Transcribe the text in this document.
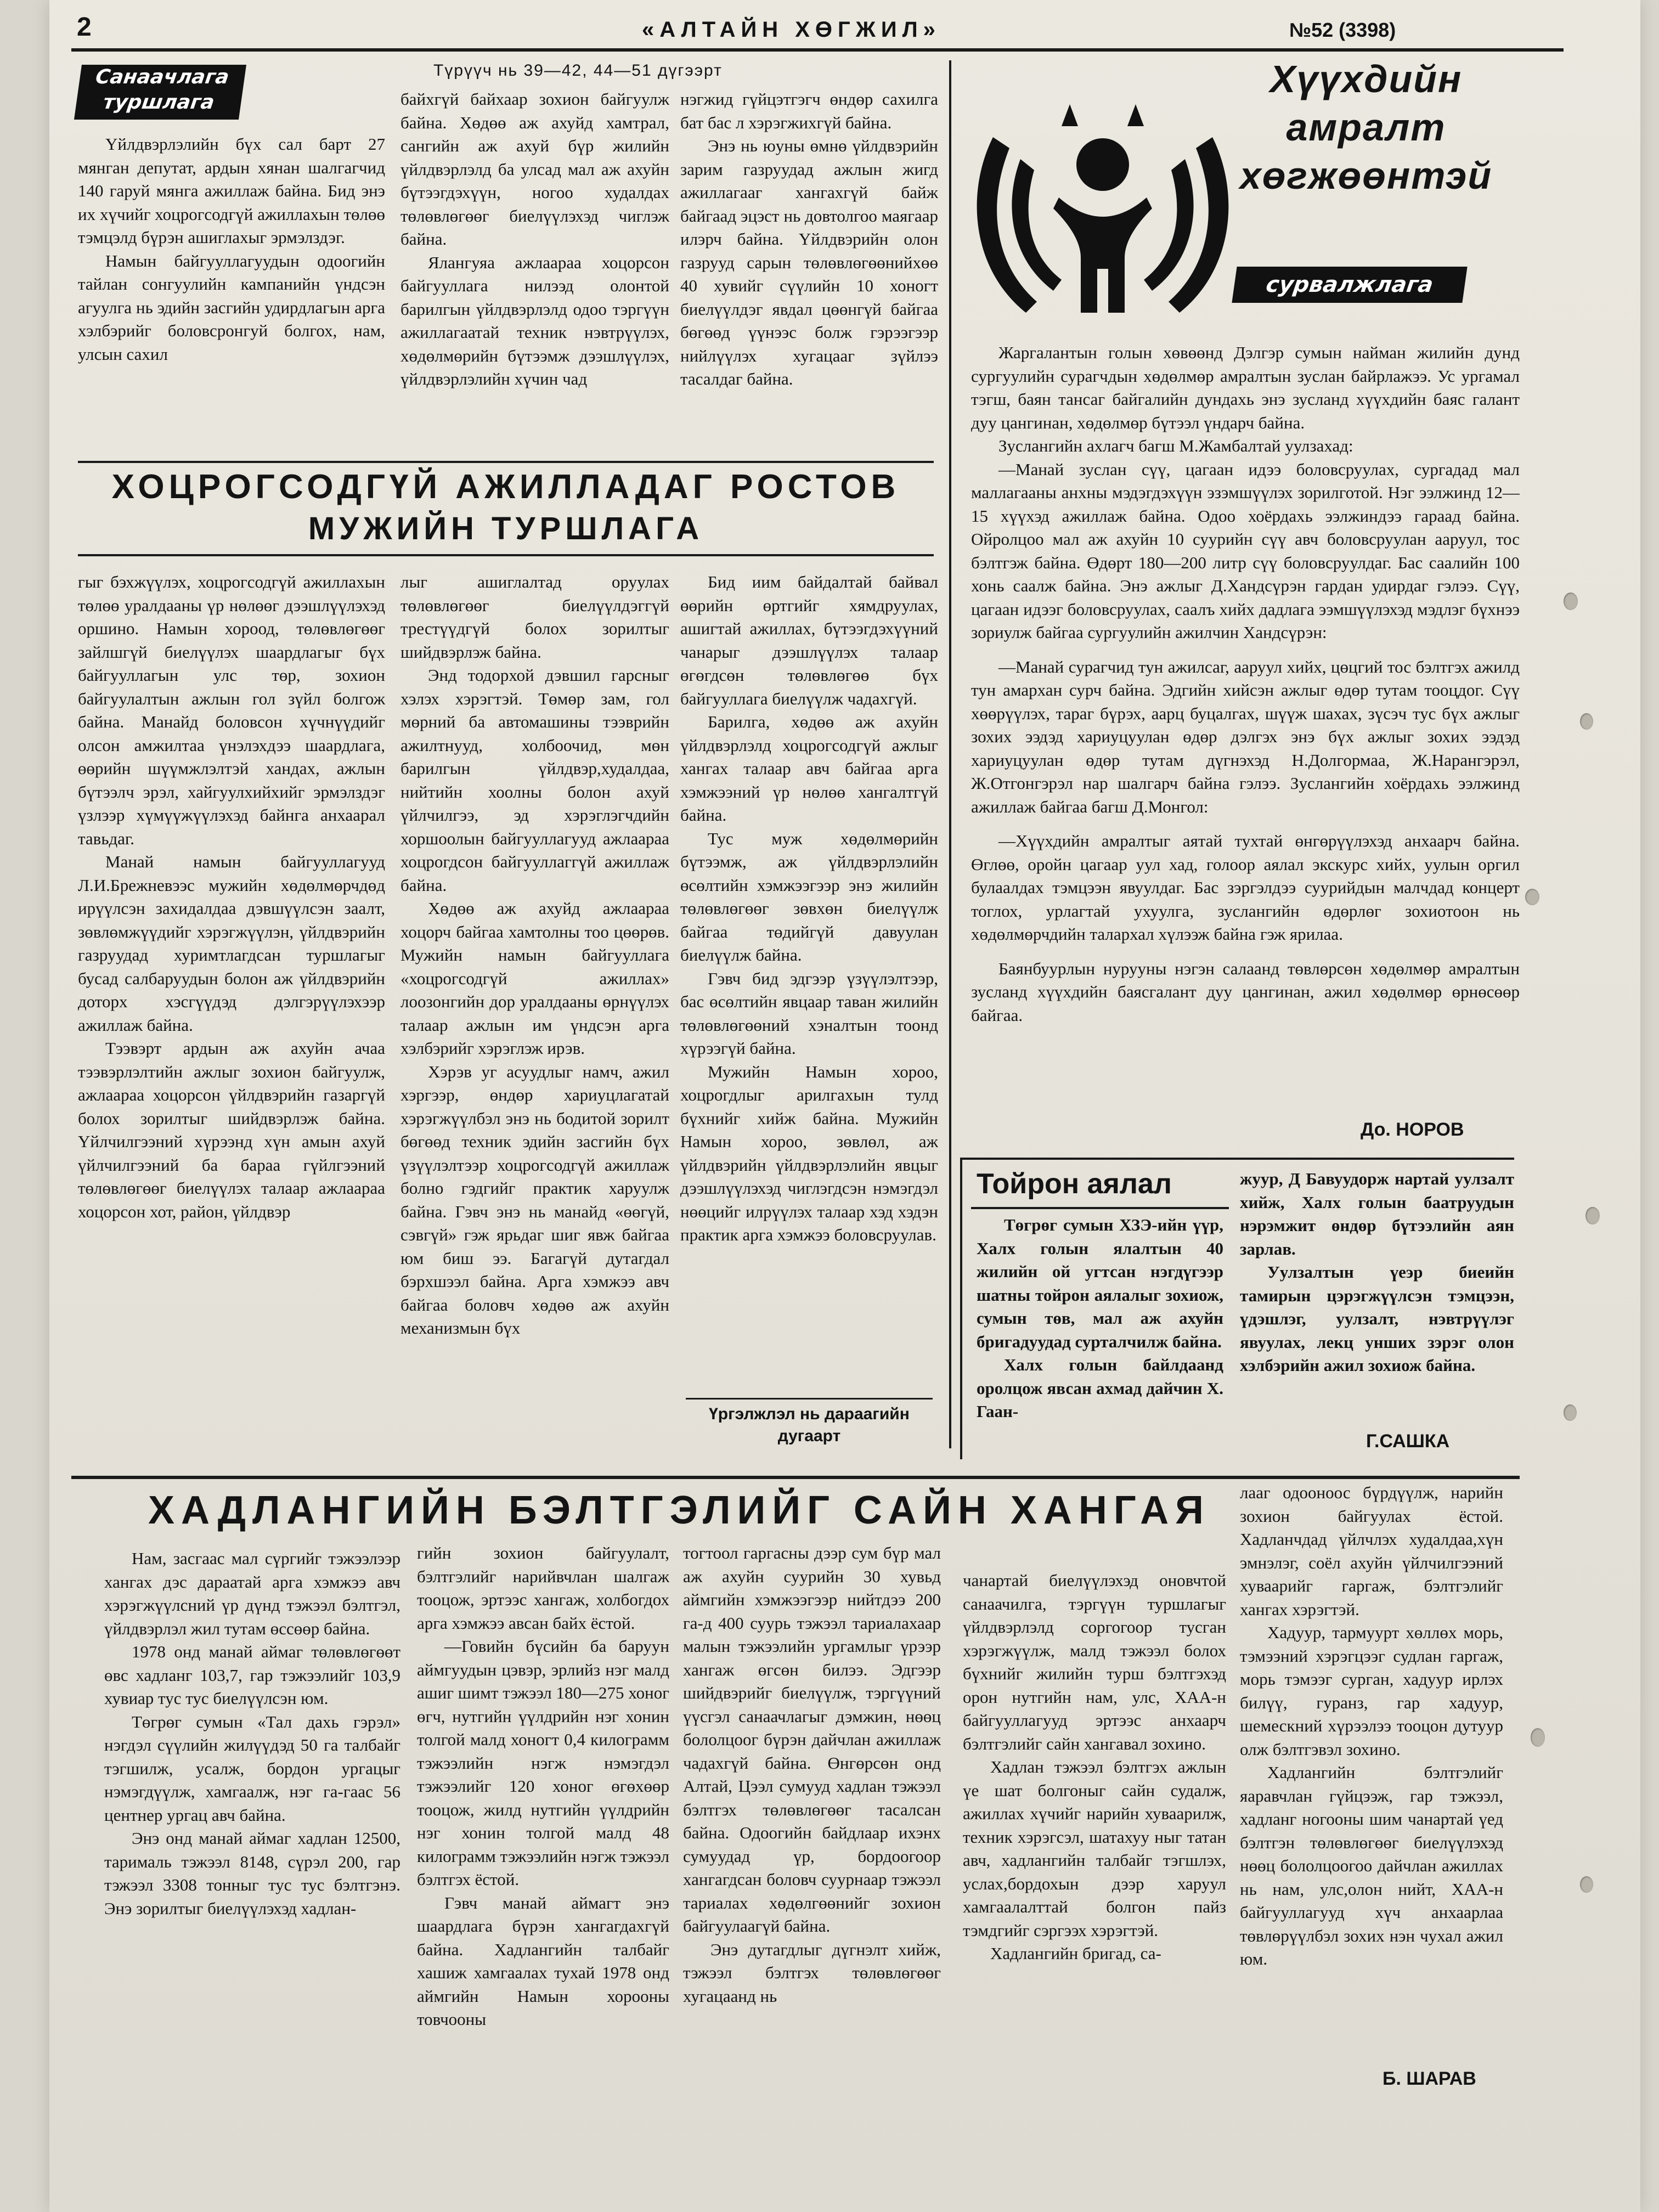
2	«АЛТАЙН ХӨГЖИЛ»	№52 (3398)
Санаачлага
туршлага
Түрүүч нь 39—42, 44—51 дүгээрт

Үйлдвэрлэлийн бүх сал барт 27 мянган депутат, ардын хянан шалгагчид 140 гаруй мянга ажиллаж байна. Бид энэ их хүчийг хоцрогсодгүй ажиллахын төлөө тэмцэлд бүрэн ашиглахыг эрмэлздэг.

Намын байгууллагуудын одоогийн тайлан сонгуулийн кампанийн үндсэн агуулга нь эдийн засгийн удирдлагын арга хэлбэрийг боловсронгуй болгох, нам, улсын сахил

байхгүй байхаар зохион байгуулж байна. Хөдөө аж ахуйд хамтрал, сангийн аж ахуй бүр жилийн үйлдвэрлэлд ба улсад мал аж ахуйн бүтээгдэхүүн, ногоо худалдах төлөвлөгөөг биелүүлэхэд чиглэж байна.

Ялангуяа ажлаараа хоцорсон байгууллага нилээд олонтой барилгын үйлдвэрлэлд одоо тэргүүн ажиллагаатай техник нэвтрүүлэх, хөдөлмөрийн бүтээмж дээшлүүлэх, үйлдвэрлэлийн хүчин чад

нэгжид гүйцэтгэгч өндөр сахилга бат бас л хэрэгжихгүй байна.

Энэ нь юуны өмнө үйлдвэрийн зарим газруудад ажлын жигд ажиллагааг хангахгүй байж байгаад эцэст нь довтолгоо маягаар илэрч байна. Үйлдвэрийн олон газрууд сарын төлөвлөгөөнийхөө 40 хувийг сүүлийн 10 хоногт биелүүлдэг явдал цөөнгүй байгаа бөгөөд үүнээс болж гэрээгээр нийлүүлэх хугацааг зүйлээ тасалдаг байна.

ХОЦРОГСОДГҮЙ АЖИЛЛАДАГ РОСТОВ
МУЖИЙН ТУРШЛАГА

гыг бэхжүүлэх, хоцрогсодгүй ажиллахын төлөө уралдааны үр нөлөөг дээшлүүлэхэд оршино. Намын хороод, төлөвлөгөөг зайлшгүй биелүүлэх шаардлагыг бүх байгууллагын улс төр, зохион байгуулалтын ажлын гол зүйл болгож байна. Манайд боловсон хүчнүүдийг олсон амжилтаа үнэлэхдээ шаардлага, өөрийн шүүмжлэлтэй хандах, ажлын бүтээлч эрэл, хайгуулхийхийг эрмэлздэг үзлээр хүмүүжүүлэхэд байнга анхаарал тавьдаг.

Манай намын байгууллагууд Л.И.Брежневээс мужийн хөдөлмөрчдөд ирүүлсэн захидалдаа дэвшүүлсэн заалт, зөвлөмжүүдийг хэрэгжүүлэн, үйлдвэрийн газруудад хуримтлагдсан туршлагыг бусад салбаруудын болон аж үйлдвэрийн доторх хэсгүүдэд дэлгэрүүлэхээр ажиллаж байна.

Тээвэрт ардын аж ахуйн ачаа тээвэрлэлтийн ажлыг зохион байгуулж, ажлаараа хоцорсон үйлдвэрийн газаргүй болох зорилтыг шийдвэрлэж байна. Үйлчилгээний хүрээнд хүн амын ахуй үйлчилгээний ба бараа гүйлгээний төлөвлөгөөг биелүүлэх талаар ажлаараа хоцорсон хот, район, үйлдвэр

лыг ашиглалтад оруулах төлөвлөгөөг биелүүлдэггүй трестүүдгүй болох зорилтыг шийдвэрлэж байна.

Энд тодорхой дэвшил гарсныг хэлэх хэрэгтэй. Төмөр зам, гол мөрний ба автомашины тээврийн ажилтнууд, холбоочид, мөн барилгын үйлдвэр,худалдаа, нийтийн хоолны болон ахуй үйлчилгээ, эд хэрэглэгчдийн хоршоолын байгууллагууд ажлаараа хоцрогдсон байгууллаггүй ажиллаж байна.

Хөдөө аж ахуйд ажлаараа хоцорч байгаа хамтолны тоо цөөрөв. Мужийн намын байгууллага «хоцрогсодгүй ажиллах» лоозонгийн дор уралдааны өрнүүлэх талаар ажлын им үндсэн арга хэлбэрийг хэрэглэж ирэв.

Хэрэв уг асуудлыг намч, ажил хэргээр, өндөр хариуцлагатай хэрэгжүүлбэл энэ нь бодитой зорилт бөгөөд техник эдийн засгийн бүх үзүүлэлтээр хоцрогсодгүй ажиллаж болно гэдгийг практик харуулж байна. Гэвч энэ нь манайд «өөгүй, сэвгүй» гэж ярьдаг шиг явж байгаа юм биш ээ. Багагүй дутагдал бэрхшээл байна. Арга хэмжээ авч байгаа боловч хөдөө аж ахуйн механизмын бүх

Бид иим байдалтай байвал өөрийн өртгийг хямдруулах, ашигтай ажиллах, бүтээгдэхүүний чанарыг дээшлүүлэх талаар өгөгдсөн төлөвлөгөө бүх байгууллага биелүүлж чадахгүй.

Барилга, хөдөө аж ахуйн үйлдвэрлэлд хоцрогсодгүй ажлыг хангах талаар авч байгаа арга хэмжээний үр нөлөө хангалтгүй байна.

Тус муж хөдөлмөрийн бүтээмж, аж үйлдвэрлэлийн өсөлтийн хэмжээгээр энэ жилийн төлөвлөгөөг зөвхөн биелүүлж байгаа төдийгүй давуулан биелүүлж байна.

Гэвч бид эдгээр үзүүлэлтээр, бас өсөлтийн явцаар таван жилийн төлөвлөгөөний хэналтын тоонд хүрээгүй байна.

Мужийн Намын хороо, хоцрогдлыг арилгахын тулд бүхнийг хийж байна. Мужийн Намын хороо, зөвлөл, аж үйлдвэрийн үйлдвэрлэлийн явцыг дээшлүүлэхэд чиглэгдсэн нэмэгдэл нөөцийг илрүүлэх талаар хэд хэдэн практик арга хэмжээ боловсруулав.

Үргэлжлэл нь дараагийн дугаарт
Хүүхдийн
амралт
хөгжөөнтэй
сурвалжлага

Жаргалантын голын хөвөөнд Дэлгэр сумын найман жилийн дунд сургуулийн сурагчдын хөдөлмөр амралтын зуслан байрлажээ. Ус ургамал тэгш, баян тансаг байгалийн дундахь энэ зусланд хүүхдийн баяс галант дуу цангинан, хөдөлмөр бүтээл үндарч байна.

Зуслангийн ахлагч багш М.Жамбалтай уулзахад:

—Манай зуслан сүү, цагаан идээ боловсруулах, сургадад мал маллагааны анхны мэдэгдэхүүн эзэмшүүлэх зорилготой. Нэг ээлжинд 12—15 хүүхэд ажиллаж байна. Одоо хоёрдахь ээлжиндээ гараад байна. Ойролцоо мал аж ахуйн 10 суурийн сүү авч боловсруулан ааруул, тос бэлтгэж байна. Өдөрт 180—200 литр сүү боловсруулдаг. Бас саалийн 100 хонь саалж байна. Энэ ажлыг Д.Хандсүрэн гардан удирдаг гэлээ. Сүү, цагаан идээг боловсруулах, саалъ хийх дадлага ээмшүүлэхэд мэдлэг бүхнээ зориулж байгаа сургуулийн ажилчин Хандсүрэн:

—Манай сурагчид тун ажилсаг, ааруул хийх, цөцгий тос бэлтгэх ажилд тун амархан сурч байна. Эдгийн хийсэн ажлыг өдөр тутам тооцдог. Сүү хөөрүүлэх, тараг бүрэх, аарц буцалгах, шүүж шахах, зүсэч тус бүх ажлыг зохих ээдэд хариуцуулан өдөр дэлгэх энэ бүх ажлыг зохих ээдэд хариуцуулан өдөр тутам дүгнэхэд Н.Долгормаа, Ж.Нарангэрэл, Ж.Отгонгэрэл нар шалгарч байна гэлээ. Зуслангийн хоёрдахь ээлжинд ажиллаж байгаа багш Д.Монгол:

—Хүүхдийн амралтыг аятай тухтай өнгөрүүлэхэд анхаарч байна. Өглөө, оройн цагаар уул хад, голоор аялал экскурс хийх, уулын оргил булаалдах тэмцээн явуулдаг. Бас зэргэлдээ суурийдын малчдад концерт тоглох, урлагтай ухуулга, зуслангийн өдөрлөг зохиотоон нь хөдөлмөрчдийн талархал хүлээж байна гэж ярилаа.

Баянбуурлын нурууны нэгэн салаанд төвлөрсөн хөдөлмөр амралтын зусланд хүүхдийн баясгалант дуу цангинан, ажил хөдөлмөр өрнөсөөр байгаа.

До. НОРОВ
Тойрон аялал

Төгрөг сумын ХЗЭ-ийн үүр, Халх голын ялалтын 40 жилийн ой угтсан нэгдүгээр шатны тойрон аялалыг зохиож, сумын төв, мал аж ахуйн бригадуудад сурталчилж байна.

Халх голын байлдаанд оролцож явсан ахмад дайчин Х. Гаан-

жуур, Д Бавуудорж нартай уулзалт хийж, Халх голын баатруудын нэрэмжит өндөр бүтээлийн аян зарлав.

Уулзалтын үеэр биеийн тамирын цэрэгжүүлсэн тэмцээн, үдэшлэг, уулзалт, нэвтрүүлэг явуулах, лекц унших зэрэг олон хэлбэрийн ажил зохиож байна.

Г.САШКА
ХАДЛАНГИЙН БЭЛТГЭЛИЙГ САЙН ХАНГАЯ

Нам, засгаас мал сүргийг тэжээлээр хангах дэс дараатай арга хэмжээ авч хэрэгжүүлсний үр дүнд тэжээл бэлтгэл, үйлдвэрлэл жил тутам өссөөр байна.

1978 онд манай аймаг төлөвлөгөөт өвс хадланг 103,7, гар тэжээлийг 103,9 хувиар тус тус биелүүлсэн юм.

Төгрөг сумын «Тал дахь гэрэл» нэгдэл сүүлийн жилүүдэд 50 га талбайг тэгшилж, усалж, бордон ургацыг нэмэгдүүлж, хамгаалж, нэг га-гаас 56 центнер ургац авч байна.

Энэ онд манай аймаг хадлан 12500, тарималь тэжээл 8148, сүрэл 200, гар тэжээл 3308 тонныг тус тус бэлтгэнэ. Энэ зорилтыг биелүүлэхэд хадлан-

гийн зохион байгуулалт, бэлтгэлийг нарийвчлан шалгаж тооцож, эртээс хангаж, холбогдох арга хэмжээ авсан байх ёстой.

—Говийн бүсийн ба баруун аймгуудын цэвэр, эрлийз нэг малд ашиг шимт тэжээл 180—275 хоног өгч, нутгийн үүлдрийн нэг хонин толгой малд хоногт 0,4 килограмм тэжээлийн нэгж нэмэгдэл тэжээлийг 120 хоног өгөхөөр тооцож, жилд нутгийн үүлдрийн нэг хонин толгой малд 48 килограмм тэжээлийн нэгж тэжээл бэлтгэх ёстой.

Гэвч манай аймагт энэ шаардлага бүрэн хангагдахгүй байна. Хадлангийн талбайг хашиж хамгаалах тухай 1978 онд аймгийн Намын хорооны товчооны

тогтоол гаргасны дээр сум бүр мал аж ахуйн суурийн 30 хувьд аймгийн хэмжээгээр нийтдээ 200 га-д 400 суурь тэжээл тариалахаар малын тэжээлийн ургамлыг үрээр хангаж өгсөн билээ. Эдгээр шийдвэрийг биелүүлж, тэргүүний үүсгэл санаачлагыг дэмжин, нөөц бололцоог бүрэн дайчлан ажиллаж чадахгүй байна. Өнгөрсөн онд Алтай, Цээл сумууд хадлан тэжээл бэлтгэх төлөвлөгөөг тасалсан байна. Одоогийн байдлаар ихэнх сумуудад үр, бордоогоор хангагдсан боловч суурнаар тэжээл тариалах хөдөлгөөнийг зохион байгуулаагүй байна.

Энэ дутагдлыг дүгнэлт хийж, тэжээл бэлтгэх төлөвлөгөөг хугацаанд нь

чанартай биелүүлэхэд оновчтой санаачилга, тэргүүн туршлагыг үйлдвэрлэлд соргогоор тусган хэрэгжүүлж, малд тэжээл болох бүхнийг жилийн турш бэлтгэхэд орон нутгийн нам, улс, ХАА-н байгууллагууд эртээс анхаарч бэлтгэлийг сайн хангавал зохино.

Хадлан тэжээл бэлтгэх ажлын үе шат болгоныг сайн судалж, ажиллах хүчийг нарийн хуваарилж, техник хэрэгсэл, шатахуу ныг татан авч, хадлангийн талбайг тэгшлэх, услах,бордохын дээр харуул хамгаалалттай болгон пайз тэмдгийг сэргээх хэрэгтэй.

Хадлангийн бригад, са-

лааг одоонoос бүрдүүлж, нарийн зохион байгуулах ёстой. Хадланчдад үйлчлэх худалдаа,хүн эмнэлэг, соёл ахуйн үйлчилгээний хуваарийг гаргаж, бэлтгэлийг хангах хэрэгтэй.

Хадуур, тармуурт хөллөх морь, тэмээний хэрэгцээг судлан гаргаж, морь тэмээг сурган, хадуур ирлэх билүү, гуранз, гар хадуур, шемескний хүрээлээ тооцон дутуур олж бэлтгэвэл зохино.

Хадлангийн бэлтгэлийг яаравчлан гүйцээж, гар тэжээл, хадланг ногооны шим чанартай үед бэлтгэн төлөвлөгөөг биелүүлэхэд нөөц бололцоогоо дайчлан ажиллах нь нам, улс,олон нийт, ХАА-н байгууллагууд хүч анхаарлаа төвлөрүүлбэл зохих нэн чухал ажил юм.

Б. ШАРАВ
